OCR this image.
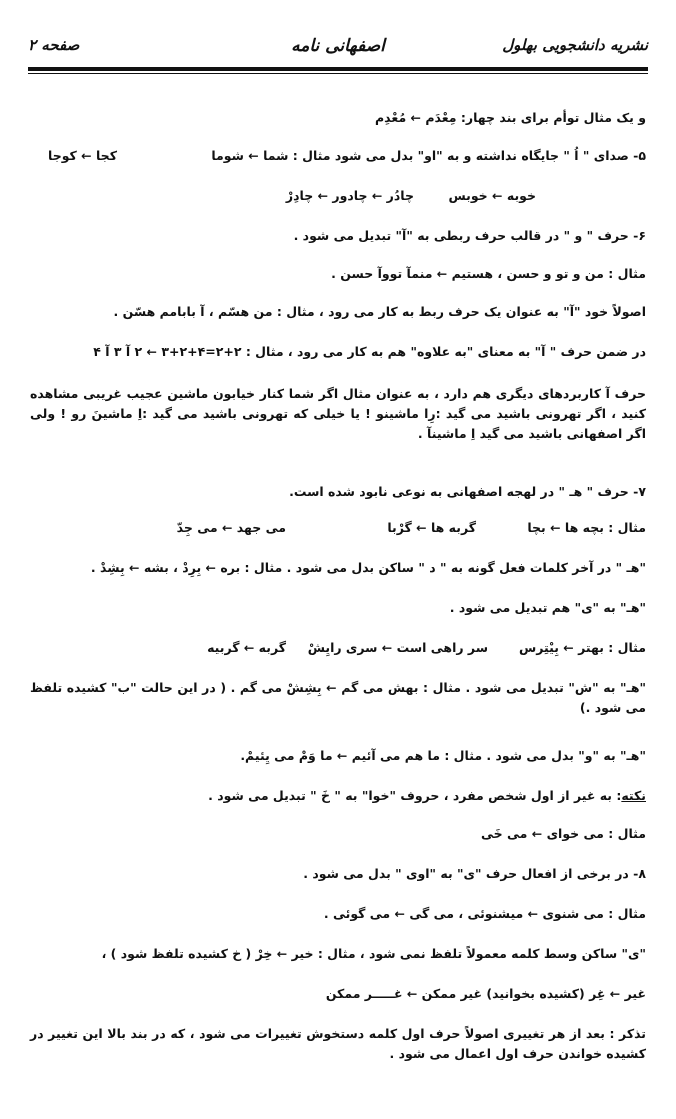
نشریه دانشجویی بهلول
اصفهانی نامه
صفحه ۲
و یک مثال توأم برای بند چهار: مِعْدَم ← مُعْدِم
۵- صدای " اُ " جایگاه نداشته و به "او" بدل می شود مثال : شما ← شوما
کجا ← کوجا
خوبه ← خوبس
چادُر ← چادور ← چادِرْ
۶- حرف " و " در قالب حرف ربطی به "آ" تبدیل می شود .
مثال : من و تو و حسن ، هستیم ← منمآ تووآ حسن .
اصولاً خود "آ" به عنوان یک حرف ربط به کار می رود ، مثال : من هسّم ، آ بابامم هسّن .
در ضمن حرف " آ" به معنای "به علاوه" هم به کار می رود ، مثال : ۲+۲=۴+۲+۳ ← ۲ آ ۳ آ ۴
حرف آ کاربردهای دیگری هم دارد ، به عنوان مثال اگر شما کنار خیابون ماشین عجیب غریبی مشاهده کنید ، اگر تهرونی باشید می گید :رِا ماشینو ! یا خیلی که تهرونی باشید می گید :اِ ماشینَ رو ! ولی اگر اصفهانی باشید می گید اِ ماشینآ .
۷- حرف " هـ " در لهجه اصفهانی به نوعی نابود شده است.
مثال : بچه ها ← بچا
گربه ها ← گرْبا
می جهد ← می جِدّ
"هـ " در آخر کلمات فعل گونه به " د " ساکن بدل می شود . مثال : بره ← بِرِدْ ، بشه ← بِشِدْ .
"هـ" به "ی" هم تبدیل می شود .
مثال : بهتر ← بِیْتِرس
سر راهی است ← سری رایِشْ
گربه ← گربیه
"هـ" به "ش" تبدیل می شود . مثال : بهش می گم ← بِشِشْ می گم . ( در این حالت "ب" کشیده تلفظ می شود .)
"هـ" به "و" بدل می شود . مثال : ما هم می آئیم ← ما وَمْ می یِئیمْ.
نکته: به غیر از اول شخص مفرد ، حروف "خوا" به " خَ " تبدیل می شود .
مثال : می خوای ← می خَی
۸- در برخی از افعال حرف "ی" به "اوی " بدل می شود .
مثال : می شنوی ← میشنوئی ، می گی ← می گوئی .
"ی" ساکن وسط کلمه معمولاً تلفظ نمی شود ، مثال : خیر ← خِرْ ( خ کشیده تلفظ شود ) ،
غیر ← غِر (کشیده بخوانید) غیر ممکن ← غـــــر ممکن
تذکر : بعد از هر تغییری اصولاً حرف اول کلمه دستخوش تغییرات می شود ، که در بند بالا این تغییر در کشیده خواندن حرف اول اعمال می شود .
